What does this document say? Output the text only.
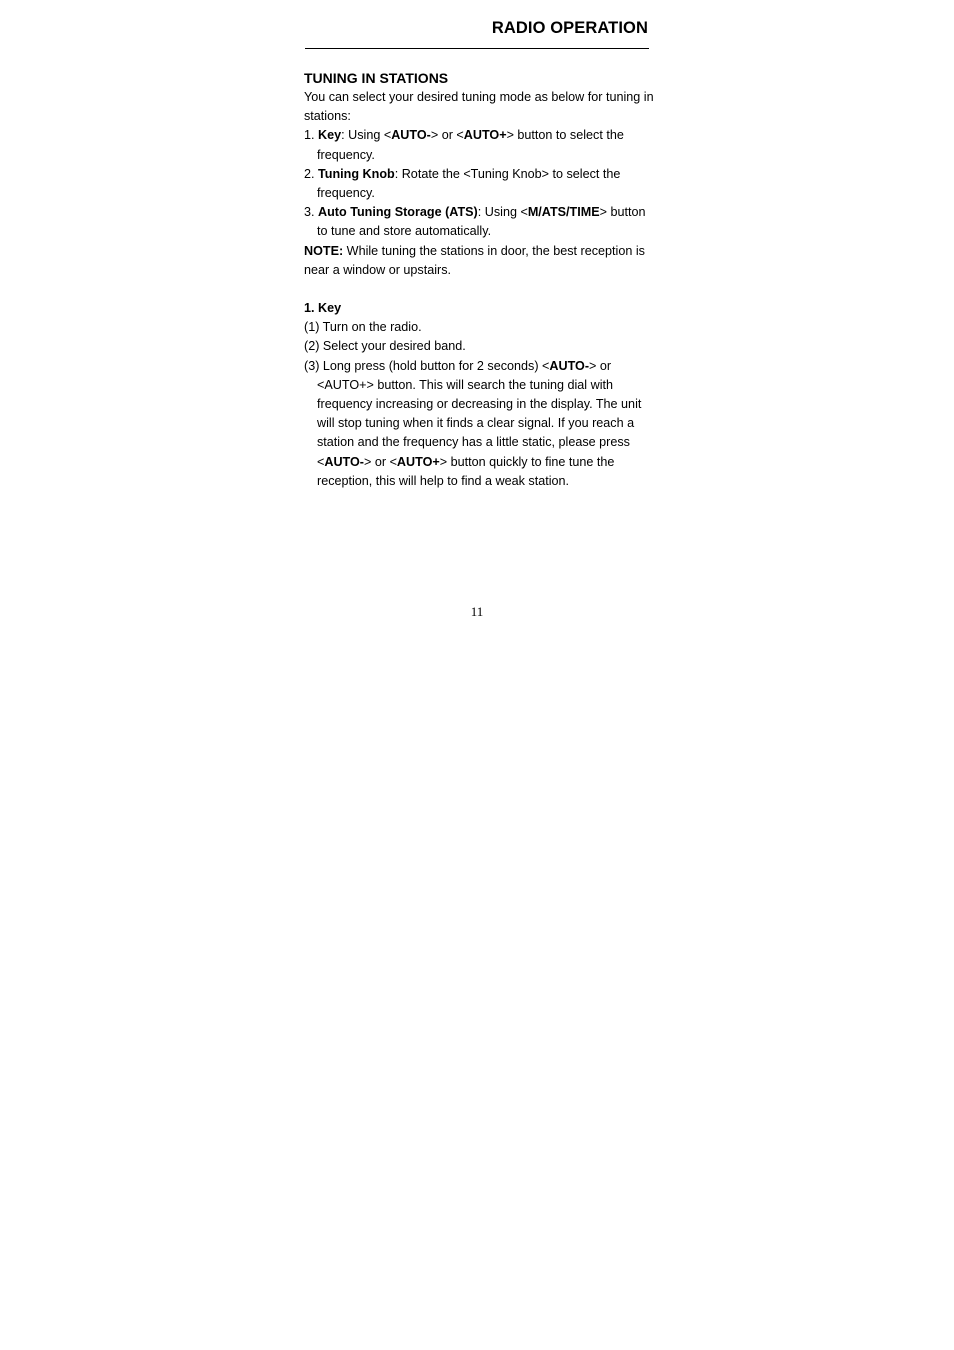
RADIO OPERATION
TUNING IN STATIONS

You can select your desired tuning mode as below for tuning in stations:

1. Key: Using <AUTO-> or <AUTO+> button to select the frequency.

2. Tuning Knob: Rotate the <Tuning Knob> to select the frequency.

3. Auto Tuning Storage (ATS): Using <M/ATS/TIME> button to tune and store automatically.

NOTE: While tuning the stations in door, the best reception is near a window or upstairs.

1. Key

(1) Turn on the radio.

(2) Select your desired band.

(3) Long press (hold button for 2 seconds) <AUTO-> or <AUTO+> button. This will search the tuning dial with frequency increasing or decreasing in the display. The unit will stop tuning when it finds a clear signal. If you reach a station and the frequency has a little static, please press <AUTO-> or <AUTO+> button quickly to fine tune the reception, this will help to find a weak station.

11
